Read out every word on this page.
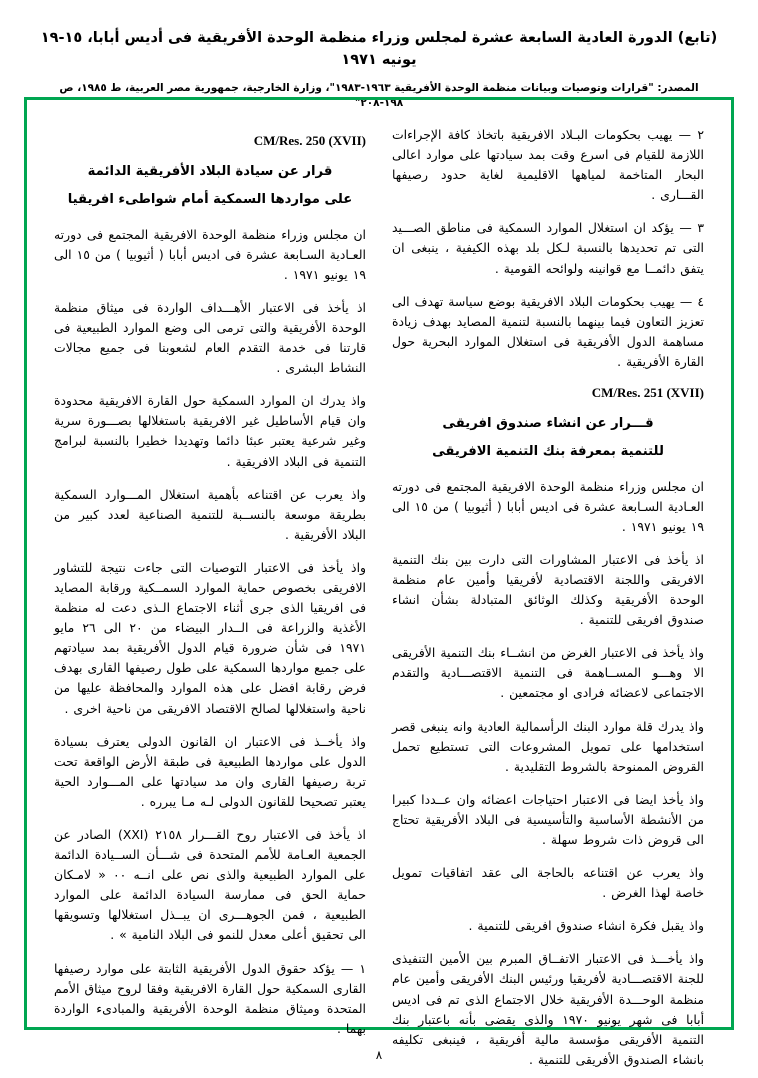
(تابع) الدورة العادية السابعة عشرة لمجلس وزراء منظمة الوحدة الأفريقية فى أديس أبابا، ١٥-١٩ يونيه ١٩٧١
المصدر: "قرارات وتوصيات وبيانات منظمة الوحدة الأفريقية ١٩٦٣-١٩٨٣"، وزارة الخارجية، جمهورية مصر العربية، ط ١٩٨٥، ص ١٩٨-٢٠٨"

٢ — يهيب بحكومات البـلاد الافريقية باتخاذ كافة الإجراءات اللازمة للقيام فى اسرع وقت بمد سيادتها على موارد اعالى البحار المتاخمة لمياهها الاقليمية لغاية حدود رصيفها القـــارى .

٣ — يؤكد ان استغلال الموارد السمكية فى مناطق الصـــيد التى تم تحديدها بالنسبة لـكل بلد بهذه الكيفية ، ينبغى ان يتفق دائمــا مع قوانينه ولوائحه القومية .

٤ — يهيب بحكومات البلاد الافريقية بوضع سياسة تهدف الى تعزيز التعاون فيما بينهما بالنسبة لتنمية المصايد بهدف زيادة مساهمة الدول الأفريقية فى استغلال الموارد البحرية حول القارة الأفريقية .

CM/Res. 251 (XVII)
قـــرار عن انشاء صندوق افريقى
للتنمية بمعرفة بنك التنمية الافريقى

ان مجلس وزراء منظمة الوحدة الافريقية المجتمع فى دورته العـادية السـابعة عشرة فى اديس أبابا ( أثيوبيا ) من ١٥ الى ١٩ يونيو ١٩٧١ .

اذ يأخذ فى الاعتبار المشاورات التى دارت بين بنك التنمية الافريقى واللجنة الاقتصادية لأفريقيا وأمين عام منظمة الوحدة الأفريقية وكذلك الوثائق المتبادلة بشأن انشاء صندوق افريقى للتنمية .

واذ يأخذ فى الاعتبار الغرض من انشــاء بنك التنمية الأفريقى الا وهـــو المســاهمة فى التنمية الاقتصـــادية والتقدم الاجتماعى لاعضائه فرادى او مجتمعين .

واذ يدرك قلة موارد البنك الرأسمالية العادية وانه ينبغى قصر استخدامها على تمويل المشروعات التى تستطيع تحمل القروض الممنوحة بالشروط التقليدية .

واذ يأخذ ايضا فى الاعتبار احتياجات اعضائه وان عــددا كبيرا من الأنشطة الأساسية والتأسيسية فى البلاد الأفريقية تحتاج الى قروض ذات شروط سهلة .

واذ يعرب عن اقتناعه بالحاجة الى عقد اتفاقيات تمويل خاصة لهذا الغرض .

واذ يقبل فكرة انشاء صندوق افريقى للتنمية .

واذ يأخـــذ فى الاعتبار الاتفــاق المبرم بين الأمين التنفيذى للجنة الاقتصـــادية لأفريقيا ورئيس البنك الأفريقى وأمين عام منظمة الوحـــدة الأفريقية خلال الاجتماع الذى تم فى اديس أبابا فى شهر يونيو ١٩٧٠ والذى يقضى بأنه باعتبار بنك التنمية الأفريقى مؤسسة مالية أفريقية ، فينبغى تكليفه بانشاء الصندوق الأفريقى للتنمية .

CM/Res. 250 (XVII)
قرار عن سيادة البلاد الأفريقية الدائمة
على مواردها السمكية أمام شواطىء افريقيا

ان مجلس وزراء منظمة الوحدة الافريقية المجتمع فى دورته العـادية السـابعة عشرة فى اديس أبابا ( أثيوبيا ) من ١٥ الى ١٩ يونيو ١٩٧١ .

اذ يأخذ فى الاعتبار الأهـــداف الواردة فى ميثاق منظمة الوحدة الأفريقية والتى ترمى الى وضع الموارد الطبيعية فى قارتنا فى خدمة التقدم العام لشعوبنا فى جميع مجالات النشاط البشرى .

واذ يدرك ان الموارد السمكية حول القارة الافريقية محدودة وان قيام الأساطيل غير الافريقية باستغلالها بصـــورة سرية وغير شرعية يعتبر عبئا دائما وتهديدا خطيرا بالنسبة لبرامج التنمية فى البلاد الافريقية .

واذ يعرب عن اقتناعه بأهمية استغلال المـــوارد السمكية بطريقة موسعة بالنســبة للتنمية الصناعية لعدد كبير من البلاد الأفريقية .

واذ يأخذ فى الاعتبار التوصيات التى جاءت نتيجة للتشاور الافريقى بخصوص حماية الموارد السمــكية ورقابة المصايد فى افريقيا الذى جرى أثناء الاجتماع الـذى دعت له منظمة الأغذية والزراعة فى الــدار البيضاء من ٢٠ الى ٢٦ مايو ١٩٧١ فى شأن ضرورة قيام الدول الأفريقية بمد سيادتهم على جميع مواردها السمكية على طول رصيفها القارى بهدف فرض رقابة افضل على هذه الموارد والمحافظة عليها من ناحية واستغلالها لصالح الاقتصاد الافريقى من ناحية اخرى .

واذ يأخــذ فى الاعتبار ان القانون الدولى يعترف بسيادة الدول على مواردها الطبيعية فى طبقة الأرض الواقعة تحت تربة رصيفها القارى وان مد سيادتها على المـــوارد الحية يعتبر تصحيحا للقانون الدولى لـه مـا يبرره .

اذ يأخذ فى الاعتبار روح القـــرار ٢١٥٨ (XXI) الصادر عن الجمعية العـامة للأمم المتحدة فى شـــأن الســيادة الدائمة على الموارد الطبيعية والذى نص على انــه ٠٠ « لامـكان حماية الحق فى ممارسة السيادة الدائمة على الموارد الطبيعية ، فمن الجوهـــرى ان يبــذل استغلالها وتسويقها الى تحقيق أعلى معدل للنمو فى البلاد النامية » .

١ — يؤكد حقوق الدول الأفريقية الثابتة على موارد رصيفها القارى السمكية حول القارة الافريقية وفقا لروح ميثاق الأمم المتحدة وميثاق منظمة الوحدة الأفريقية والمبادىء الواردة بهما .

٨
